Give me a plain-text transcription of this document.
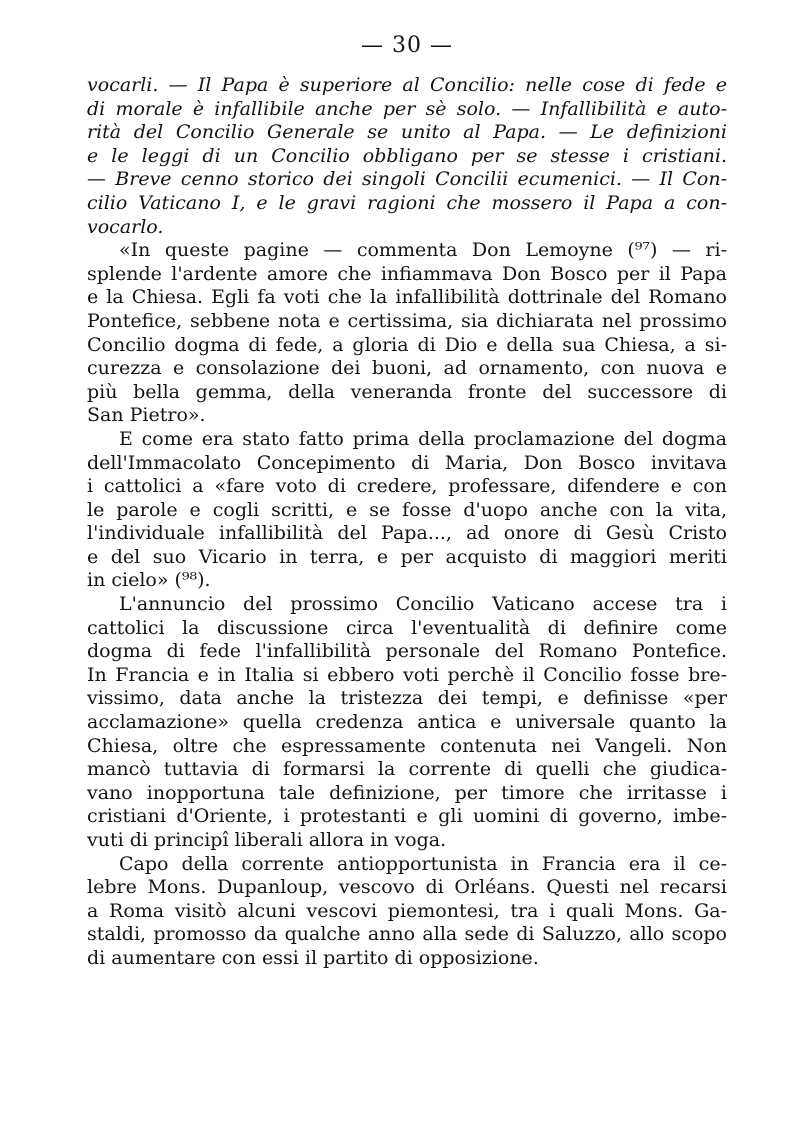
— 30 —
vocarli. — Il Papa è superiore al Concilio: nelle cose di fede e
di morale è infallibile anche per sè solo. — Infallibilità e auto-
rità del Concilio Generale se unito al Papa. — Le definizioni
e le leggi di un Concilio obbligano per se stesse i cristiani.
— Breve cenno storico dei singoli Concilii ecumenici. — Il Con-
cilio Vaticano I, e le gravi ragioni che mossero il Papa a con-
vocarlo.
«In queste pagine — commenta Don Lemoyne (⁹⁷) — ri-
splende l'ardente amore che infiammava Don Bosco per il Papa
e la Chiesa. Egli fa voti che la infallibilità dottrinale del Romano
Pontefice, sebbene nota e certissima, sia dichiarata nel prossimo
Concilio dogma di fede, a gloria di Dio e della sua Chiesa, a si-
curezza e consolazione dei buoni, ad ornamento, con nuova e
più bella gemma, della veneranda fronte del successore di
San Pietro».
E come era stato fatto prima della proclamazione del dogma
dell'Immacolato Concepimento di Maria, Don Bosco invitava
i cattolici a «fare voto di credere, professare, difendere e con
le parole e cogli scritti, e se fosse d'uopo anche con la vita,
l'individuale infallibilità del Papa..., ad onore di Gesù Cristo
e del suo Vicario in terra, e per acquisto di maggiori meriti
in cielo» (⁹⁸).
L'annuncio del prossimo Concilio Vaticano accese tra i
cattolici la discussione circa l'eventualità di definire come
dogma di fede l'infallibilità personale del Romano Pontefice.
In Francia e in Italia si ebbero voti perchè il Concilio fosse bre-
vissimo, data anche la tristezza dei tempi, e definisse «per
acclamazione» quella credenza antica e universale quanto la
Chiesa, oltre che espressamente contenuta nei Vangeli. Non
mancò tuttavia di formarsi la corrente di quelli che giudica-
vano inopportuna tale definizione, per timore che irritasse i
cristiani d'Oriente, i protestanti e gli uomini di governo, imbe-
vuti di principî liberali allora in voga.
Capo della corrente antiopportunista in Francia era il ce-
lebre Mons. Dupanloup, vescovo di Orléans. Questi nel recarsi
a Roma visitò alcuni vescovi piemontesi, tra i quali Mons. Ga-
staldi, promosso da qualche anno alla sede di Saluzzo, allo scopo
di aumentare con essi il partito di opposizione.
